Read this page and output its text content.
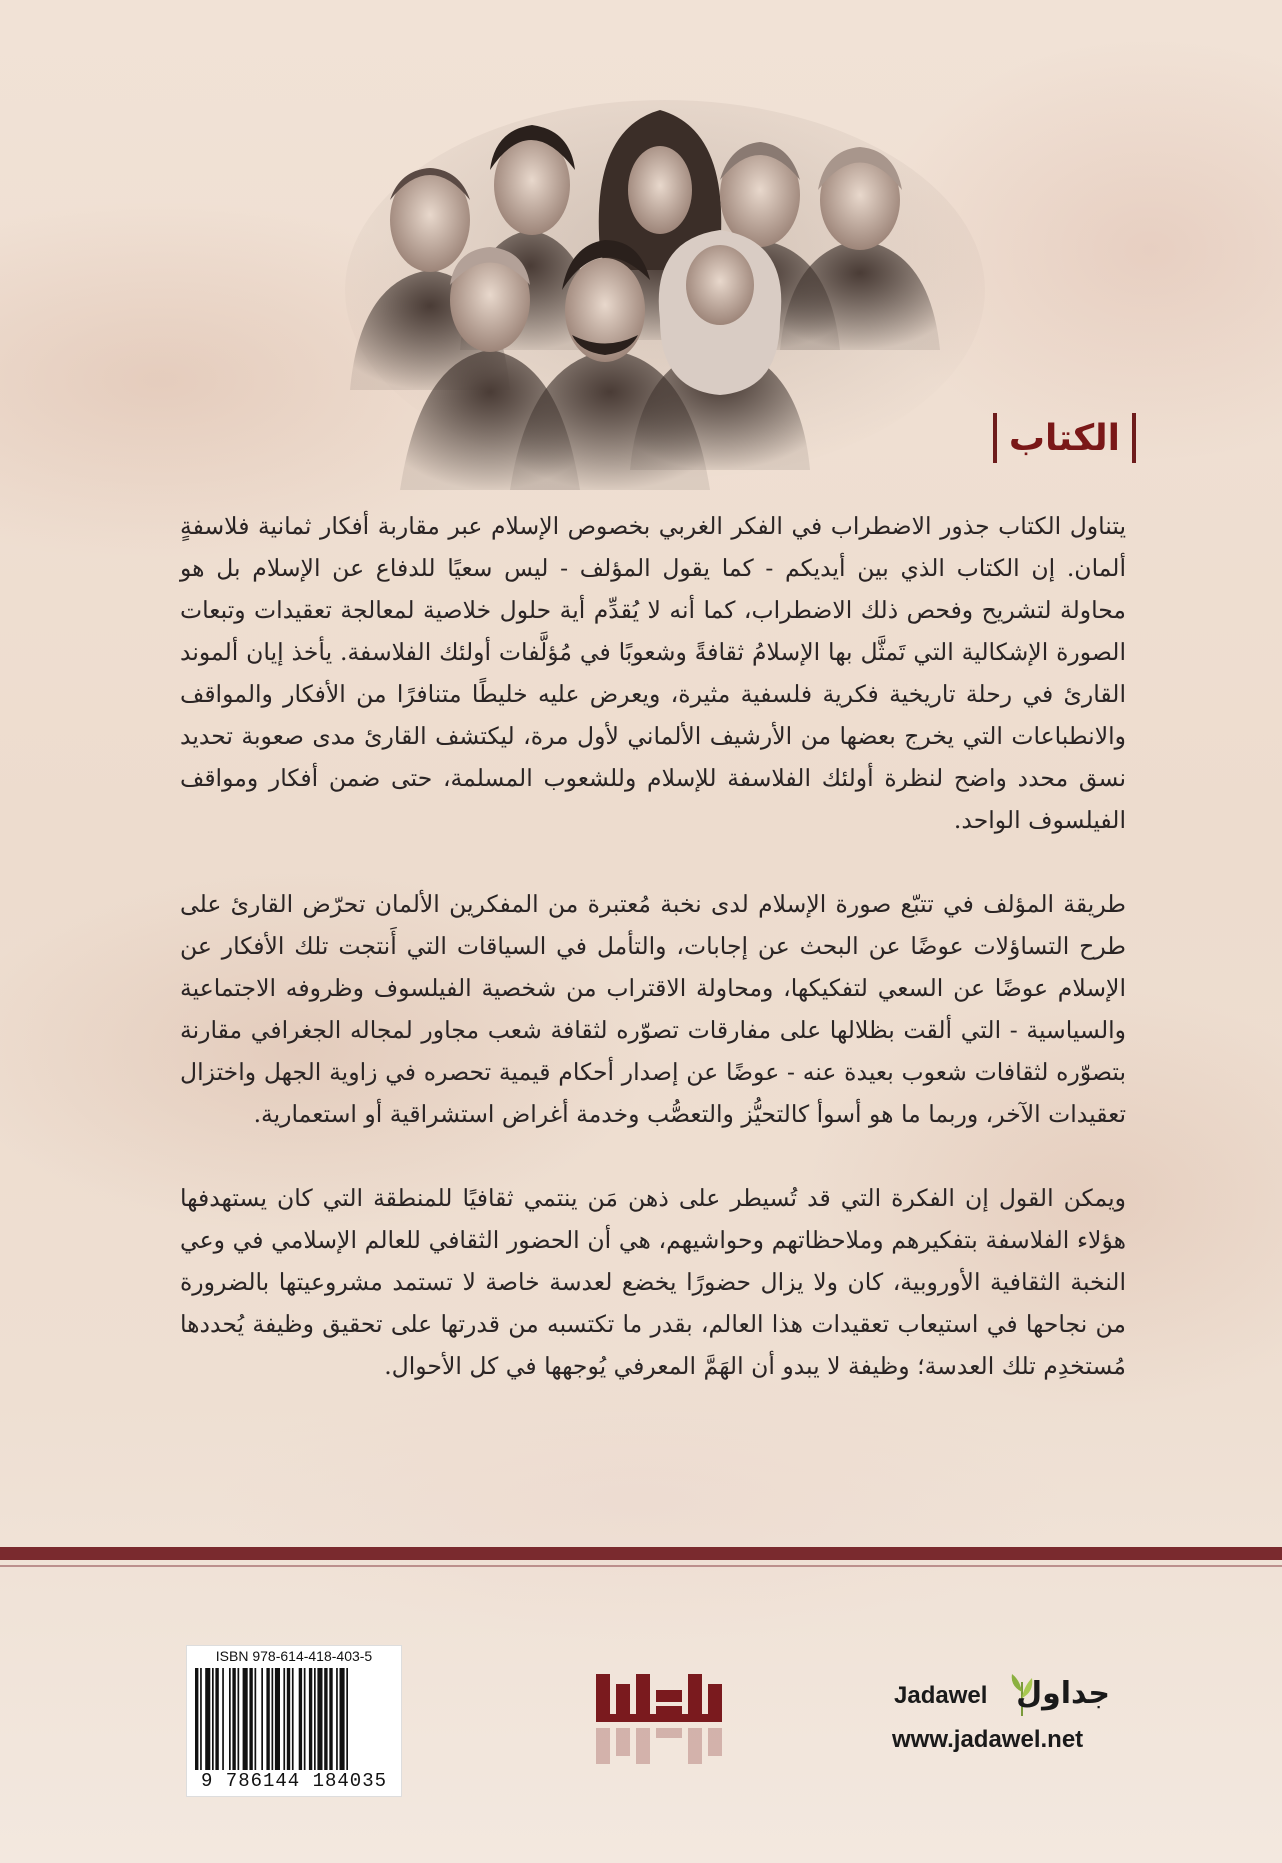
الكتاب

يتناول الكتاب جذور الاضطراب في الفكر الغربي بخصوص الإسلام عبر مقاربة أفكار ثمانية فلاسفةٍ ألمان. إن الكتاب الذي بين أيديكم - كما يقول المؤلف - ليس سعيًا للدفاع عن الإسلام بل هو محاولة لتشريح وفحص ذلك الاضطراب، كما أنه لا يُقدِّم أية حلول خلاصية لمعالجة تعقيدات وتبعات الصورة الإشكالية التي تَمثَّل بها الإسلامُ ثقافةً وشعوبًا في مُؤلَّفات أولئك الفلاسفة. يأخذ إيان ألموند القارئ في رحلة تاريخية فكرية فلسفية مثيرة، ويعرض عليه خليطًا متنافرًا من الأفكار والمواقف والانطباعات التي يخرج بعضها من الأرشيف الألماني لأول مرة، ليكتشف القارئ مدى صعوبة تحديد نسق محدد واضح لنظرة أولئك الفلاسفة للإسلام وللشعوب المسلمة، حتى ضمن أفكار ومواقف الفيلسوف الواحد.

طريقة المؤلف في تتبّع صورة الإسلام لدى نخبة مُعتبرة من المفكرين الألمان تحرّض القارئ على طرح التساؤلات عوضًا عن البحث عن إجابات، والتأمل في السياقات التي أَنتجت تلك الأفكار عن الإسلام عوضًا عن السعي لتفكيكها، ومحاولة الاقتراب من شخصية الفيلسوف وظروفه الاجتماعية والسياسية - التي ألقت بظلالها على مفارقات تصوّره لثقافة شعب مجاور لمجاله الجغرافي مقارنة بتصوّره لثقافات شعوب بعيدة عنه - عوضًا عن إصدار أحكام قيمية تحصره في زاوية الجهل واختزال تعقيدات الآخر، وربما ما هو أسوأ كالتحيُّز والتعصُّب وخدمة أغراض استشراقية أو استعمارية.

ويمكن القول إن الفكرة التي قد تُسيطر على ذهن مَن ينتمي ثقافيًا للمنطقة التي كان يستهدفها هؤلاء الفلاسفة بتفكيرهم وملاحظاتهم وحواشيهم، هي أن الحضور الثقافي للعالم الإسلامي في وعي النخبة الثقافية الأوروبية، كان ولا يزال حضورًا يخضع لعدسة خاصة لا تستمد مشروعيتها بالضرورة من نجاحها في استيعاب تعقيدات هذا العالم، بقدر ما تكتسبه من قدرتها على تحقيق وظيفة يُحددها مُستخدِم تلك العدسة؛ وظيفة لا يبدو أن الهَمَّ المعرفي يُوجهها في كل الأحوال.

ISBN 978-614-418-403-5
9 786144 184035
Jadawel جداول
www.jadawel.net
